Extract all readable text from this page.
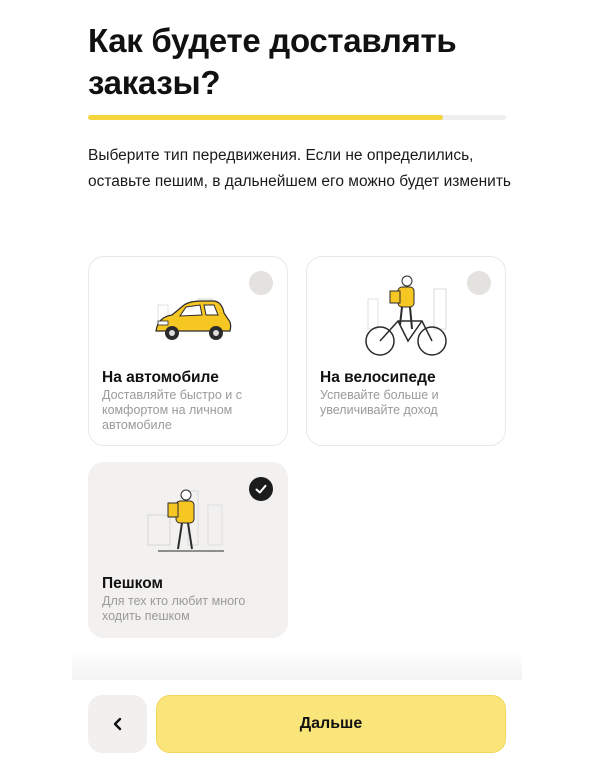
Как будете доставлять заказы?
Выберите тип передвижения. Если не определились, оставьте пешим, в дальнейшем его можно будет изменить
На автомобиле
Доставляйте быстро и с комфортом на личном автомобиле
На велосипеде
Успевайте больше и увеличивайте доход
Пешком
Для тех кто любит много ходить пешком
Дальше
